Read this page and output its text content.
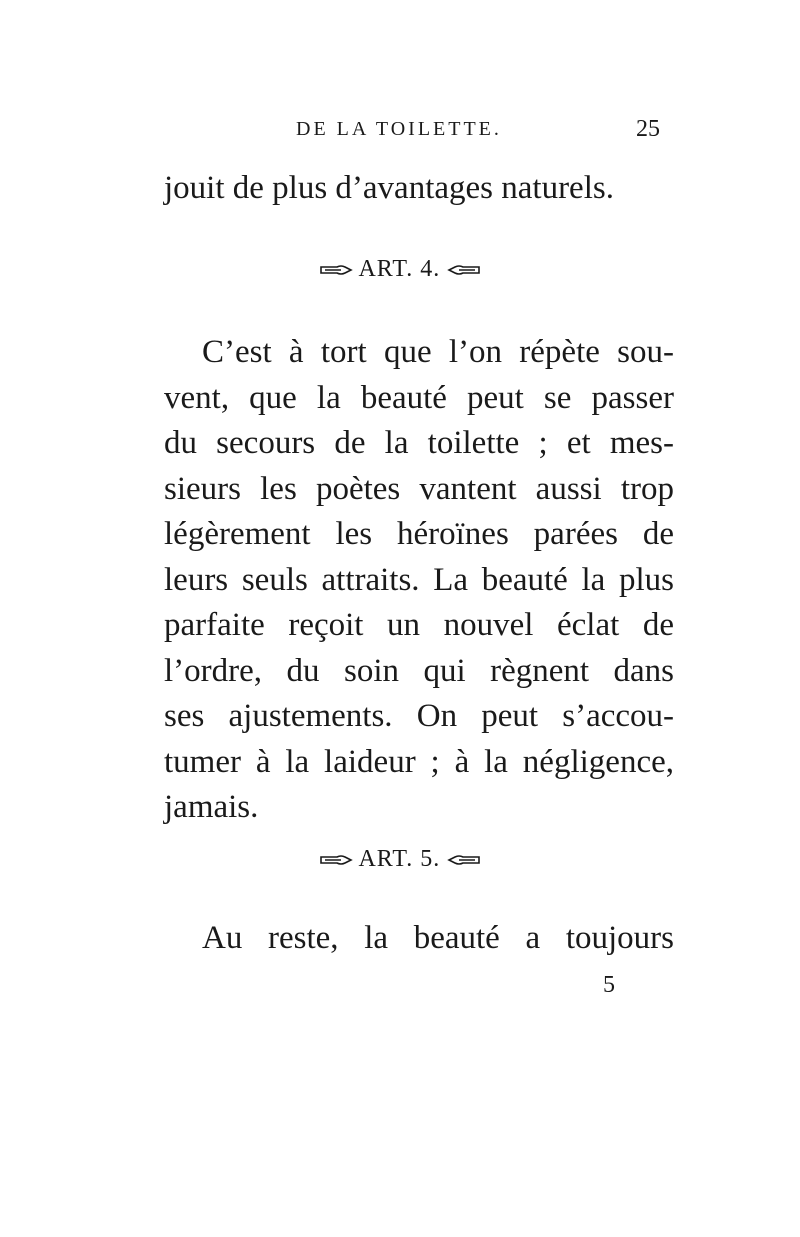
DE LA TOILETTE.	25
jouit de plus d’avantages naturels.
ART. 4.
C’est à tort que l’on répète sou-
vent, que la beauté peut se passer
du secours de la toilette ; et mes-
sieurs les poètes vantent aussi trop
légèrement les héroïnes parées de
leurs seuls attraits. La beauté la plus
parfaite reçoit un nouvel éclat de
l’ordre, du soin qui règnent dans
ses ajustements. On peut s’accou-
tumer à la laideur ; à la négligence,
jamais.
ART. 5.
Au reste, la beauté a toujours
5
